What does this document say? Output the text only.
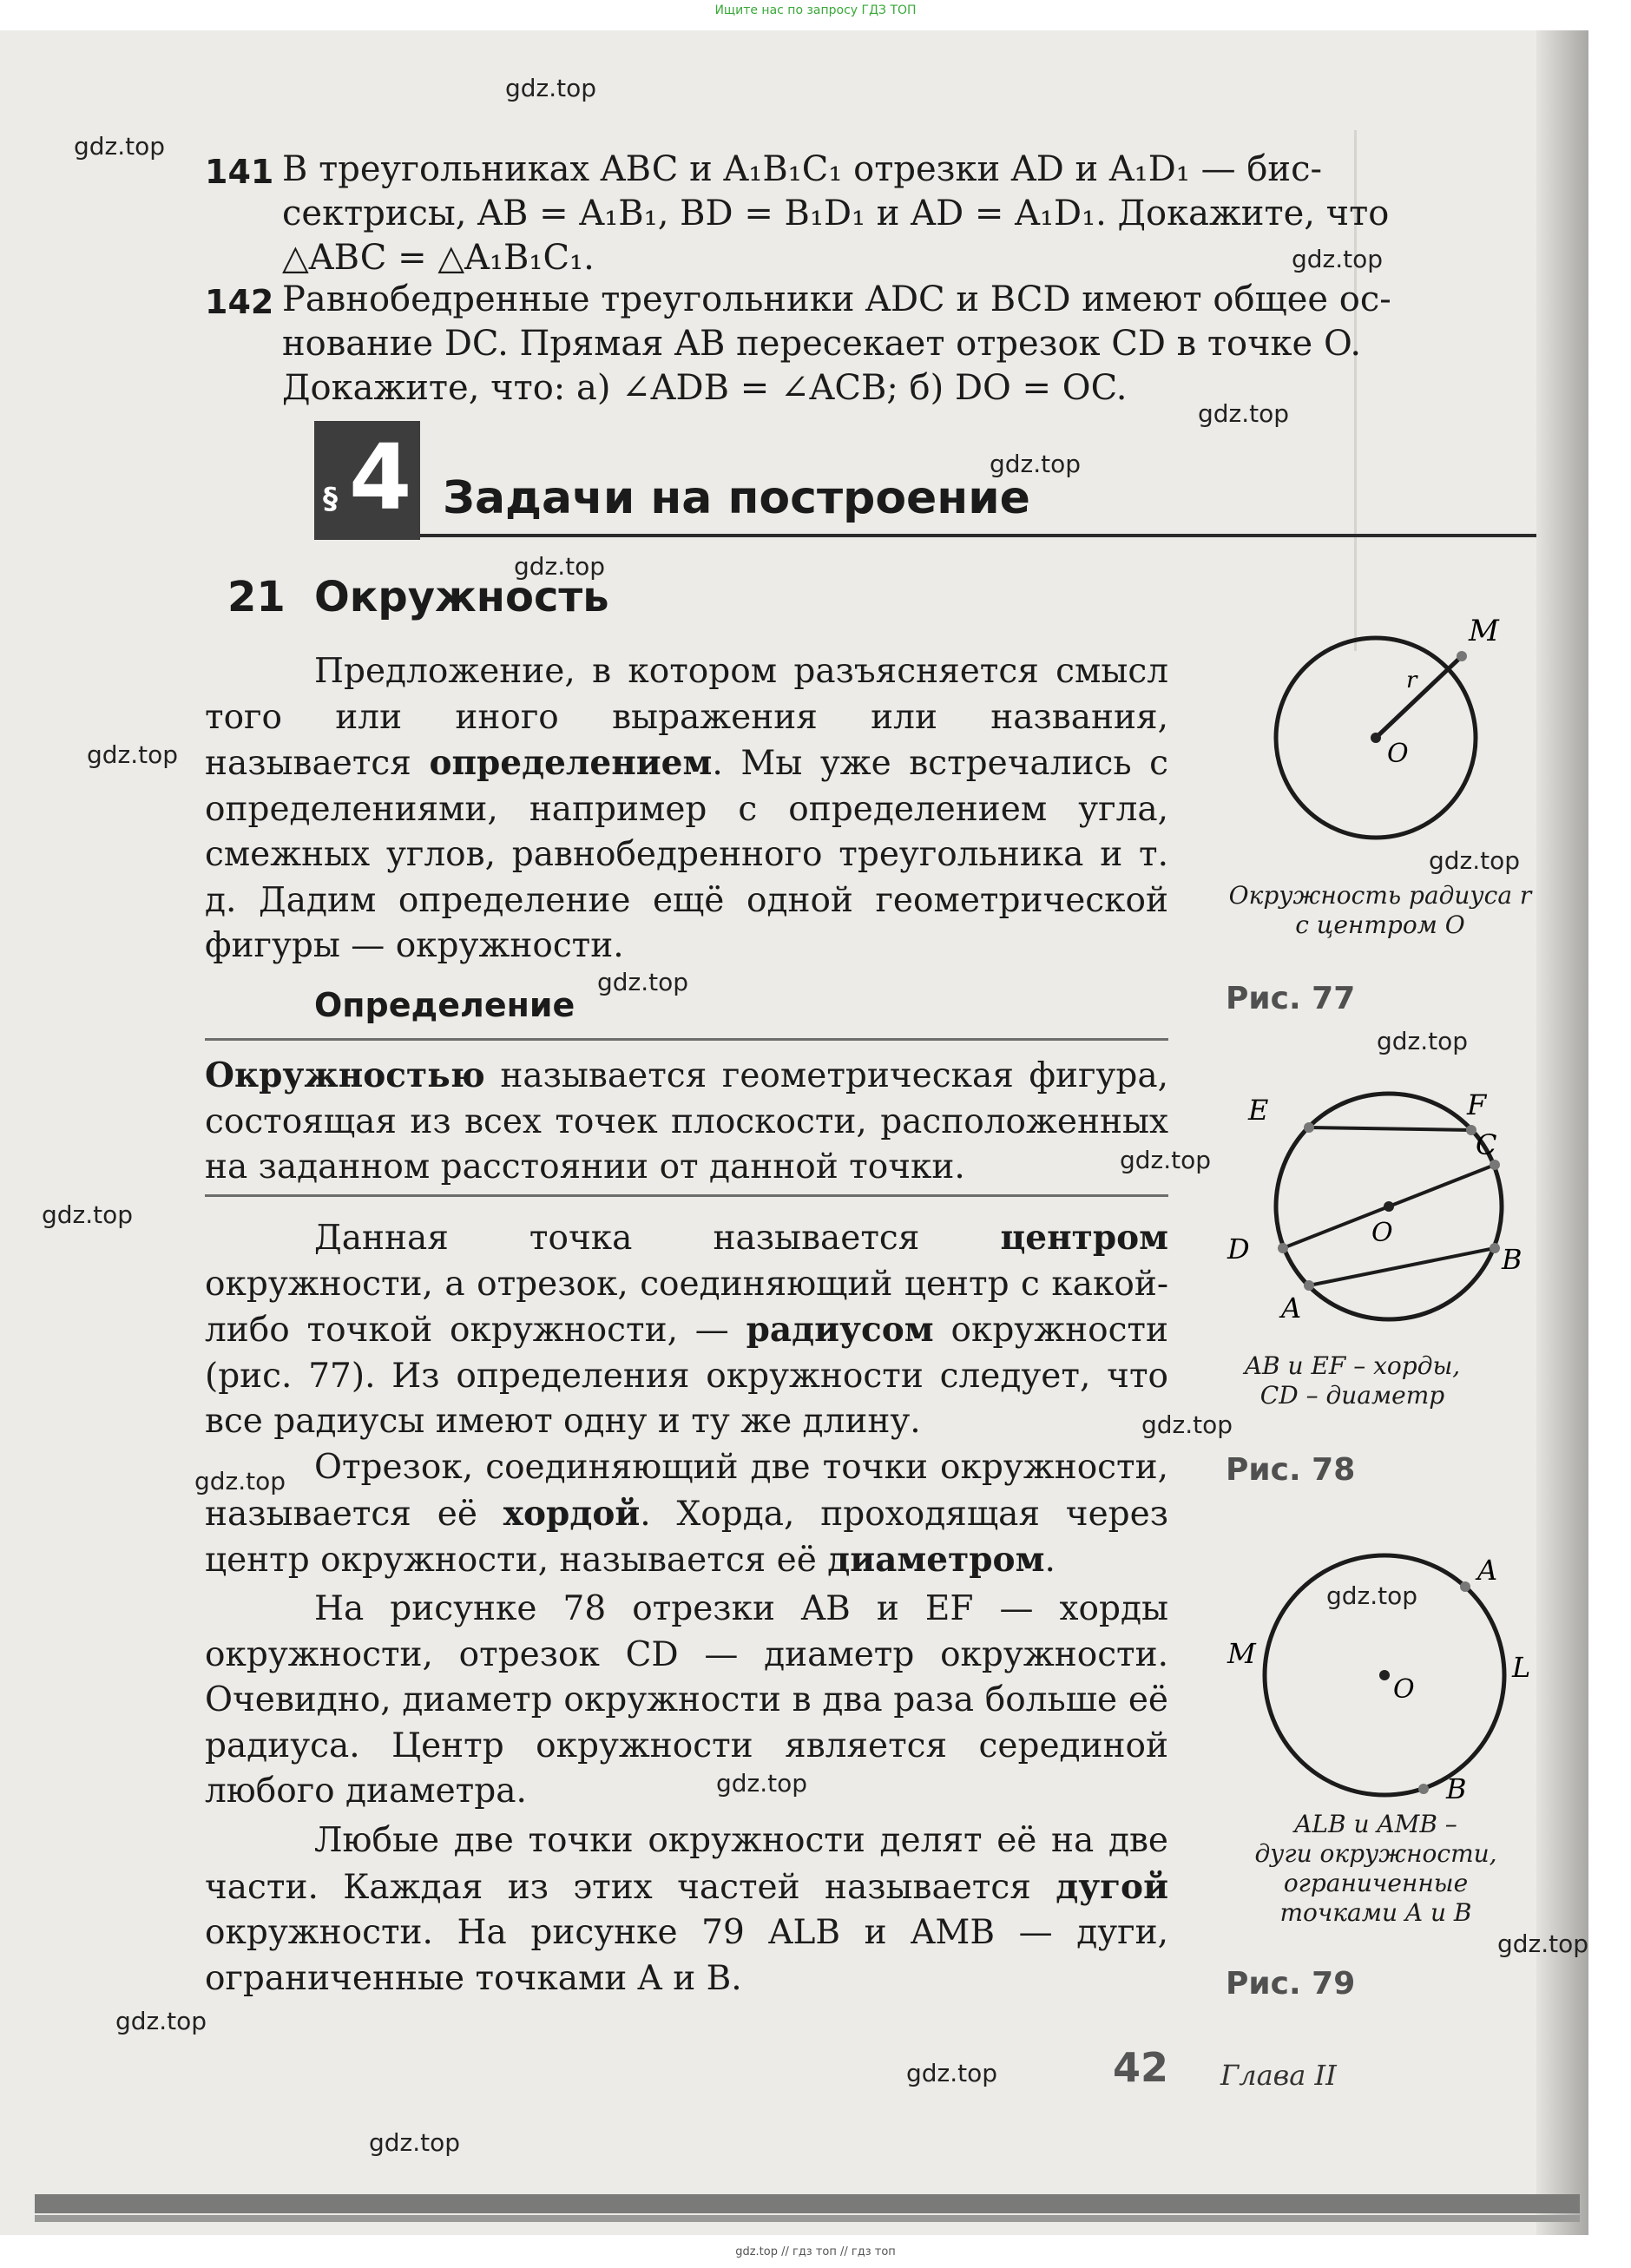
Ищите нас по запросу ГДЗ ТОП
141 В треугольниках ABC и A₁B₁C₁ отрезки AD и A₁D₁ — бис-

сектрисы, AB = A₁B₁, BD = B₁D₁ и AD = A₁D₁. Докажите, что

△ABC = △A₁B₁C₁.

142 Равнобедренные треугольники ADC и BCD имеют общее ос-

нование DC. Прямая AB пересекает отрезок CD в точке O.

Докажите, что: а) ∠ADB = ∠ACB; б) DO = OC.

§ 4 Задачи на построение
21 Окружность

Предложение, в котором разъясняется смысл того или иного выражения или названия, называется определением. Мы уже встречались с определениями, например с определением угла, смежных углов, равнобедренного треугольника и т. д. Дадим определение ещё одной геометрической фигуры — окружности.

Определение

Окружностью называется геометрическая фигура, состоящая из всех точек плоскости, расположенных на заданном расстоянии от данной точки.

Данная точка называется центром окружности, а отрезок, соединяющий центр с какой-либо точкой окружности, — радиусом окружности (рис. 77). Из определения окружности следует, что все радиусы имеют одну и ту же длину.

Отрезок, соединяющий две точки окружности, называется её хордой. Хорда, проходящая через центр окружности, называется её диаметром.

На рисунке 78 отрезки AB и EF — хорды окружности, отрезок CD — диаметр окружности. Очевидно, диаметр окружности в два раза больше её радиуса. Центр окружности является серединой любого диаметра.

Любые две точки окружности делят её на две части. Каждая из этих частей называется дугой окружности. На рисунке 79 ALB и AMB — дуги, ограниченные точками A и B.

M
O
r
Окружность радиуса r
с центром O
Рис. 77
E	F
C
O
D	B
A
AB и EF – хорды,
CD – диаметр
Рис. 78
A
M
O
L
B
ALB и AMB –
дуги окружности,
ограниченные
точками A и B
Рис. 79
42 Глава II
gdz.top
gdz.top
gdz.top
gdz.top
gdz.top
gdz.top
gdz.top
gdz.top
gdz.top
gdz.top
gdz.top
gdz.top
gdz.top
gdz.top
gdz.top
gdz.top
gdz.top
gdz.top
gdz.top
gdz.top
gdz.top // гдз топ // гдз топ
